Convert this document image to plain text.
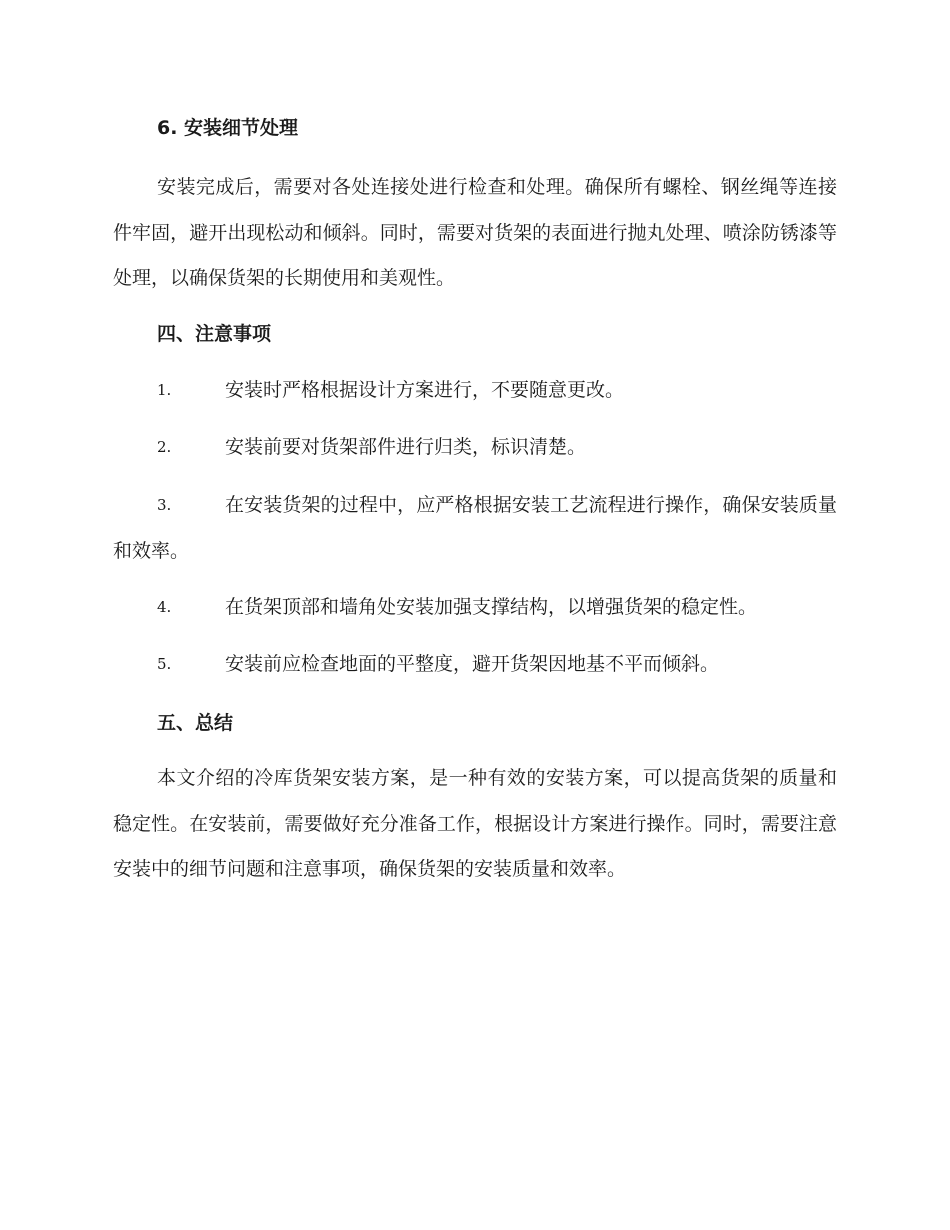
6. 安装细节处理
安装完成后，需要对各处连接处进行检查和处理。确保所有螺栓、钢丝绳等连接件牢固，避开出现松动和倾斜。同时，需要对货架的表面进行抛丸处理、喷涂防锈漆等处理，以确保货架的长期使用和美观性。
四、注意事项
1.	安装时严格根据设计方案进行，不要随意更改。
2.	安装前要对货架部件进行归类，标识清楚。
3.	在安装货架的过程中，应严格根据安装工艺流程进行操作，确保安装质量和效率。
4.	在货架顶部和墙角处安装加强支撑结构，以增强货架的稳定性。
5.	安装前应检查地面的平整度，避开货架因地基不平而倾斜。
五、总结
本文介绍的冷库货架安装方案，是一种有效的安装方案，可以提高货架的质量和稳定性。在安装前，需要做好充分准备工作，根据设计方案进行操作。同时，需要注意安装中的细节问题和注意事项，确保货架的安装质量和效率。
